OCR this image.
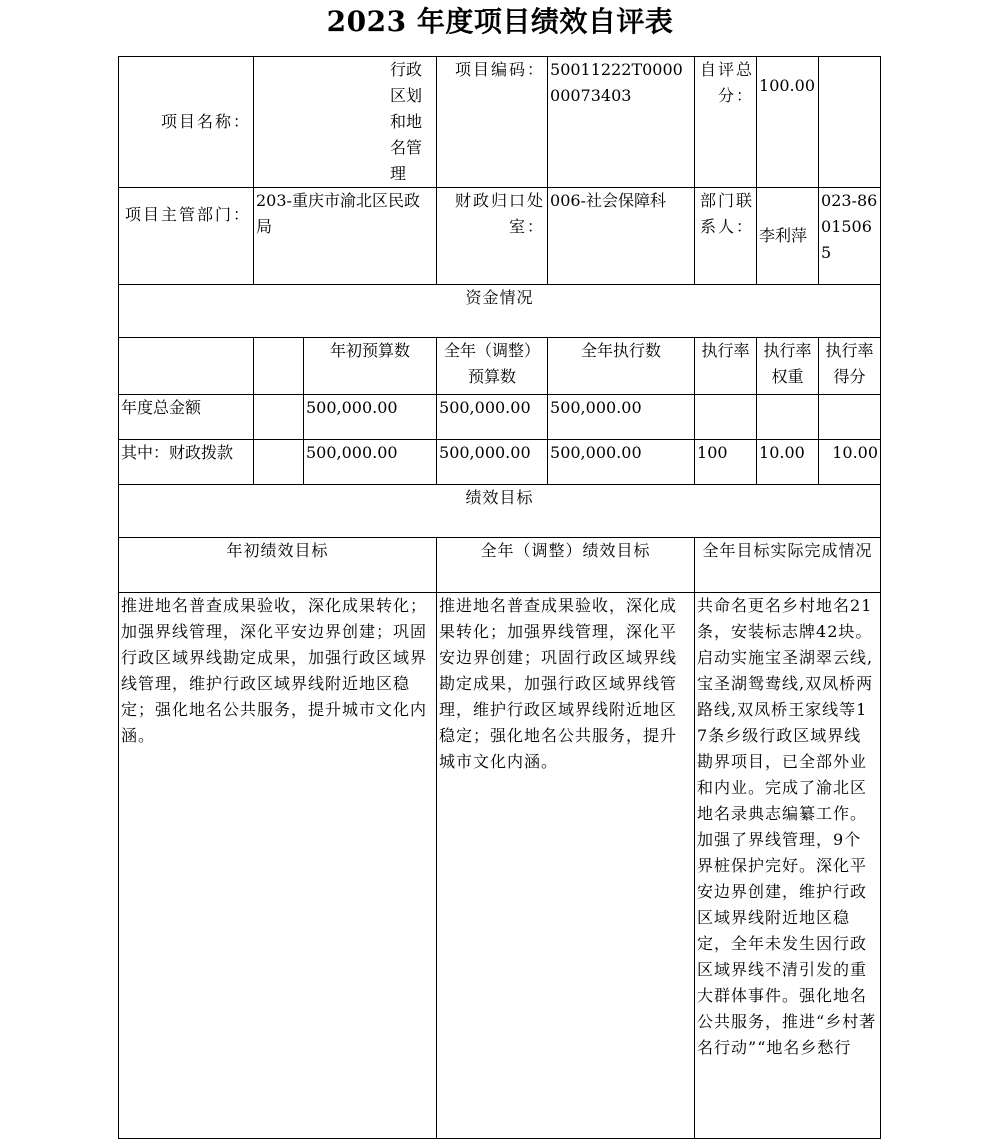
2023 年度项目绩效自评表
项目名称：	行政区划和地名管理		项目编码：	50011222T000000073403	自评总分：	100.00	
项目主管部门：	203-重庆市渝北区民政局		财政归口处室：	006-社会保障科	部门联系人：	李利萍	023-86015065
资金情况							
		年初预算数	全年（调整）预算数	全年执行数	执行率	执行率权重	执行率得分
年度总金额		500,000.00	500,000.00	500,000.00			
其中：财政拨款		500,000.00	500,000.00	500,000.00	100	10.00	10.00
绩效目标							
年初绩效目标			全年（调整）绩效目标		全年目标实际完成情况		
推进地名普查成果验收，深化成果转化；加强界线管理，深化平安边界创建；巩固行政区域界线勘定成果，加强行政区域界线管理，维护行政区域界线附近地区稳定；强化地名公共服务，提升城市文化内涵。			推进地名普查成果验收，深化成果转化；加强界线管理，深化平安边界创建；巩固行政区域界线勘定成果，加强行政区域界线管理，维护行政区域界线附近地区稳定；强化地名公共服务，提升城市文化内涵。		共命名更名乡村地名21条，安装标志牌42块。启动实施宝圣湖翠云线,宝圣湖鸳鸯线,双凤桥两路线,双凤桥王家线等17条乡级行政区域界线勘界项目，已全部外业和内业。完成了渝北区地名录典志编纂工作。加强了界线管理，9个界桩保护完好。深化平安边界创建，维护行政区域界线附近地区稳定，全年未发生因行政区域界线不清引发的重大群体事件。强化地名公共服务，推进“乡村著名行动”“地名乡愁行		
